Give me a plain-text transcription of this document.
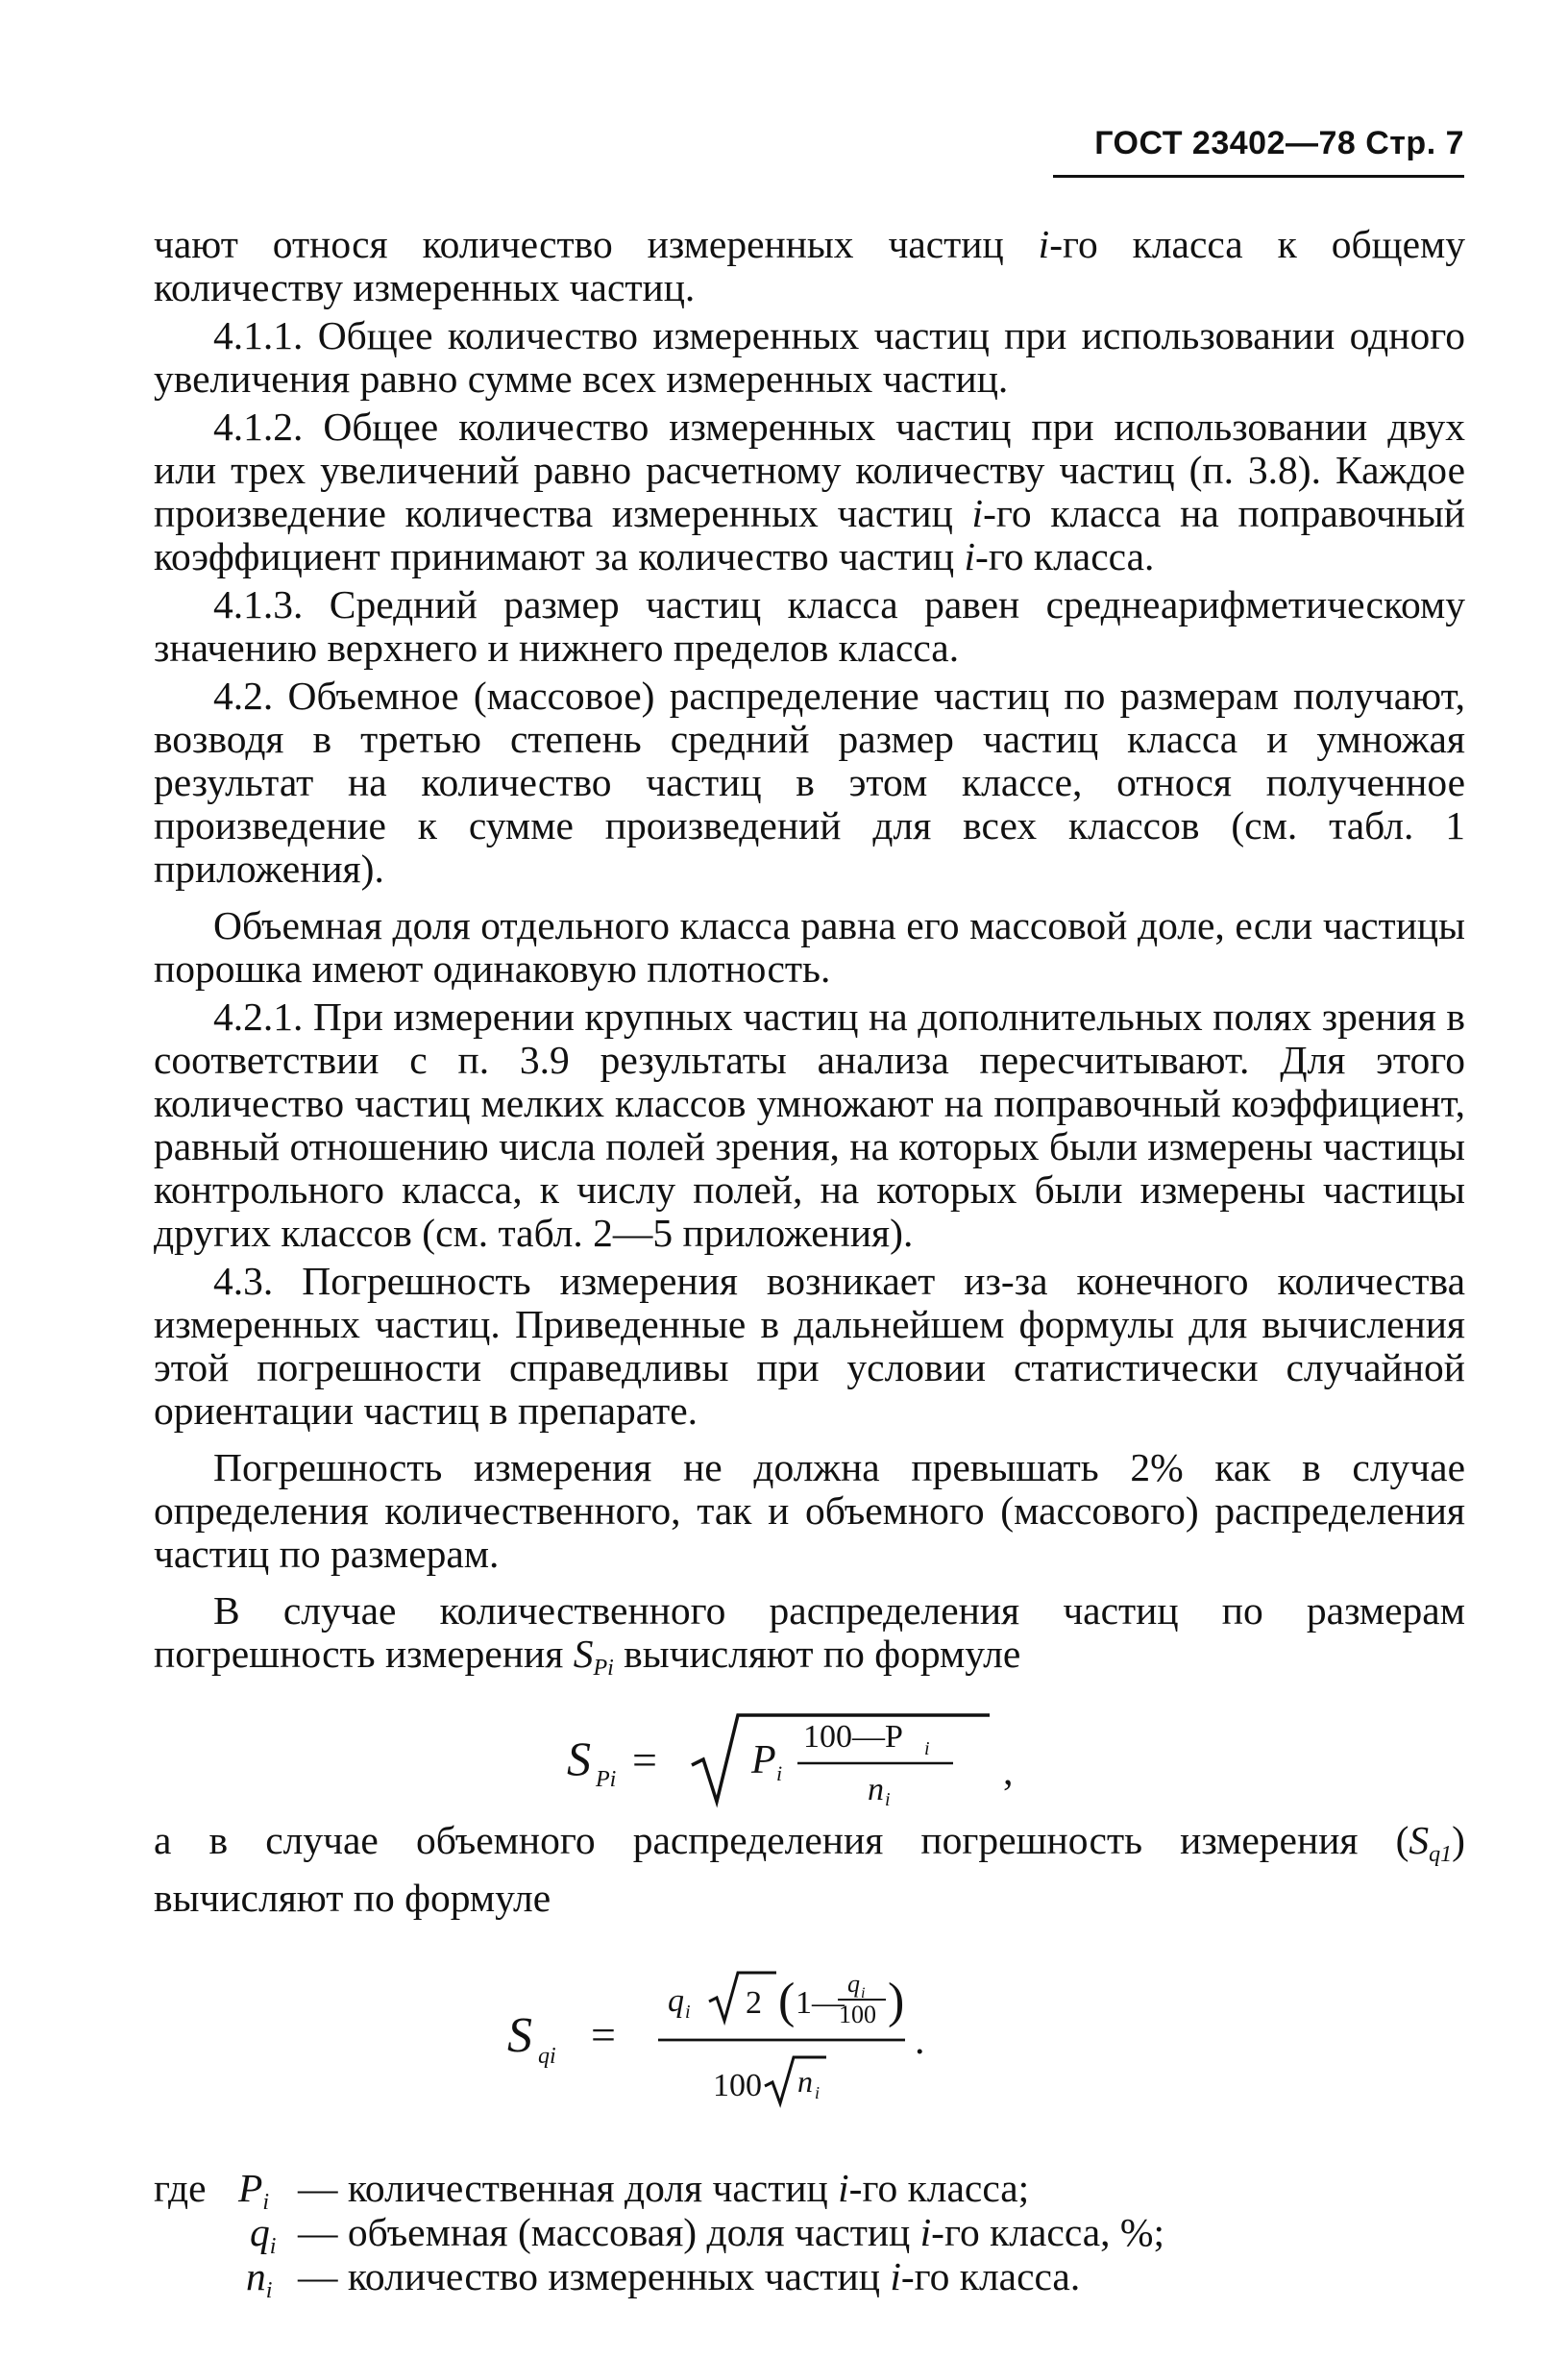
ГОСТ 23402—78 Стр. 7

чают относя количество измеренных частиц i-го класса к общему количеству измеренных частиц.

4.1.1. Общее количество измеренных частиц при использовании одного увеличения равно сумме всех измеренных частиц.

4.1.2. Общее количество измеренных частиц при использовании двух или трех увеличений равно расчетному количеству частиц (п. 3.8). Каждое произведение количества измеренных частиц i-го класса на поправочный коэффициент принимают за количество частиц i-го класса.

4.1.3. Средний размер частиц класса равен среднеарифметическому значению верхнего и нижнего пределов класса.

4.2. Объемное (массовое) распределение частиц по размерам получают, возводя в третью степень средний размер частиц класса и умножая результат на количество частиц в этом классе, относя полученное произведение к сумме произведений для всех классов (см. табл. 1 приложения).

Объемная доля отдельного класса равна его массовой доле, если частицы порошка имеют одинаковую плотность.

4.2.1. При измерении крупных частиц на дополнительных полях зрения в соответствии с п. 3.9 результаты анализа пересчитывают. Для этого количество частиц мелких классов умножают на поправочный коэффициент, равный отношению числа полей зрения, на которых были измерены частицы контрольного класса, к числу полей, на которых были измерены частицы других классов (см. табл. 2—5 приложения).

4.3. Погрешность измерения возникает из-за конечного количества измеренных частиц. Приведенные в дальнейшем формулы для вычисления этой погрешности справедливы при условии статистически случайной ориентации частиц в препарате.

Погрешность измерения не должна превышать 2% как в случае определения количественного, так и объемного (массового) распределения частиц по размерам.

В случае количественного распределения частиц по размерам погрешность измерения $S_{Pi}$ вычисляют по формуле

S Pi = P i
100—P i
n i
,

а в случае объемного распределения погрешность измерения $(S_{q1})$ вычисляют по формуле

S qi =
q i 2 ( 1—
q i
100 )
100 n i
.
где $P_i$ — количественная доля частиц i-го класса;
$q_i$ — объемная (массовая) доля частиц i-го класса, %;
$n_i$ — количество измеренных частиц i-го класса.
